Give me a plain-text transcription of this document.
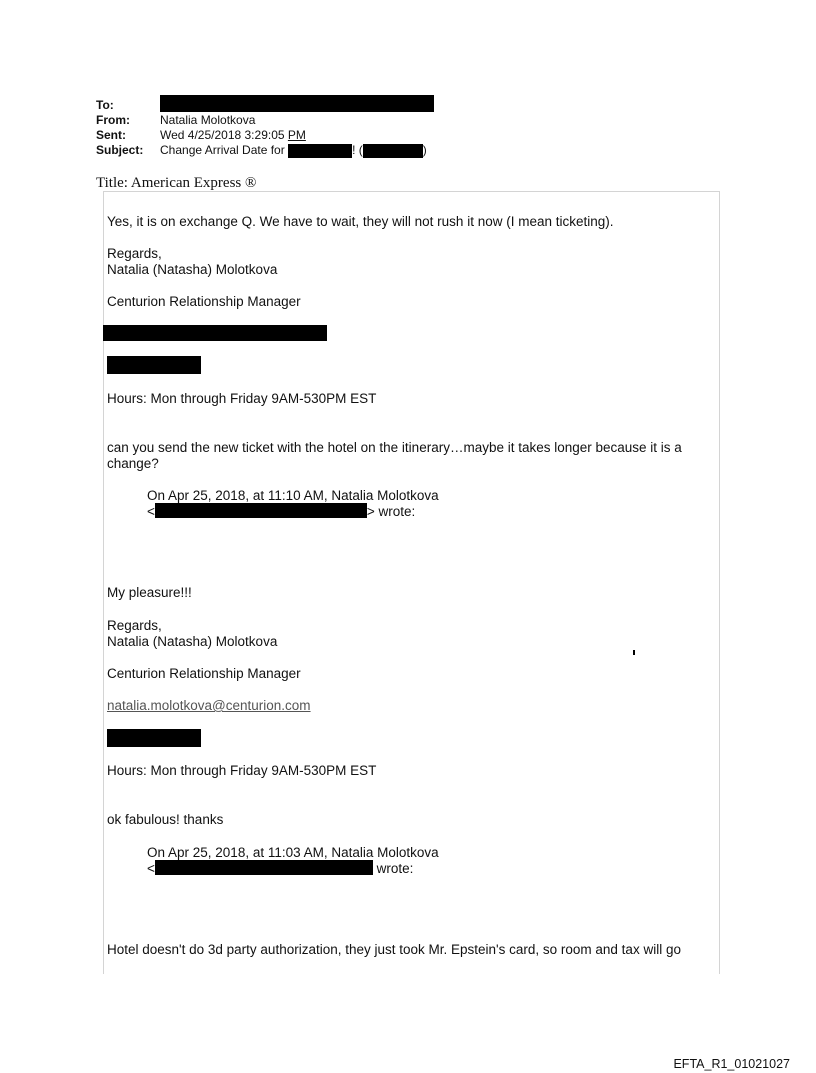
To:
From:	Natalia Molotkova
Sent:	Wed 4/25/2018 3:29:05 PM
Subject:	Change Arrival Date for	! (	)
Title: American Express ®
Yes, it is on exchange Q. We have to wait, they will not rush it now (I mean ticketing).
Regards,
Natalia (Natasha) Molotkova
Centurion Relationship Manager
Hours: Mon through Friday 9AM-530PM EST
can you send the new ticket with the hotel on the itinerary…maybe it takes longer because it is a change?
On Apr 25, 2018, at 11:10 AM, Natalia Molotkova
<	> wrote:
My pleasure!!!
Regards,
Natalia (Natasha) Molotkova
Centurion Relationship Manager
natalia.molotkova@centurion.com
Hours: Mon through Friday 9AM-530PM EST
ok fabulous! thanks
On Apr 25, 2018, at 11:03 AM, Natalia Molotkova
<	wrote:
Hotel doesn't do 3d party authorization, they just took Mr. Epstein's card, so room and tax will go
EFTA_R1_01021027
